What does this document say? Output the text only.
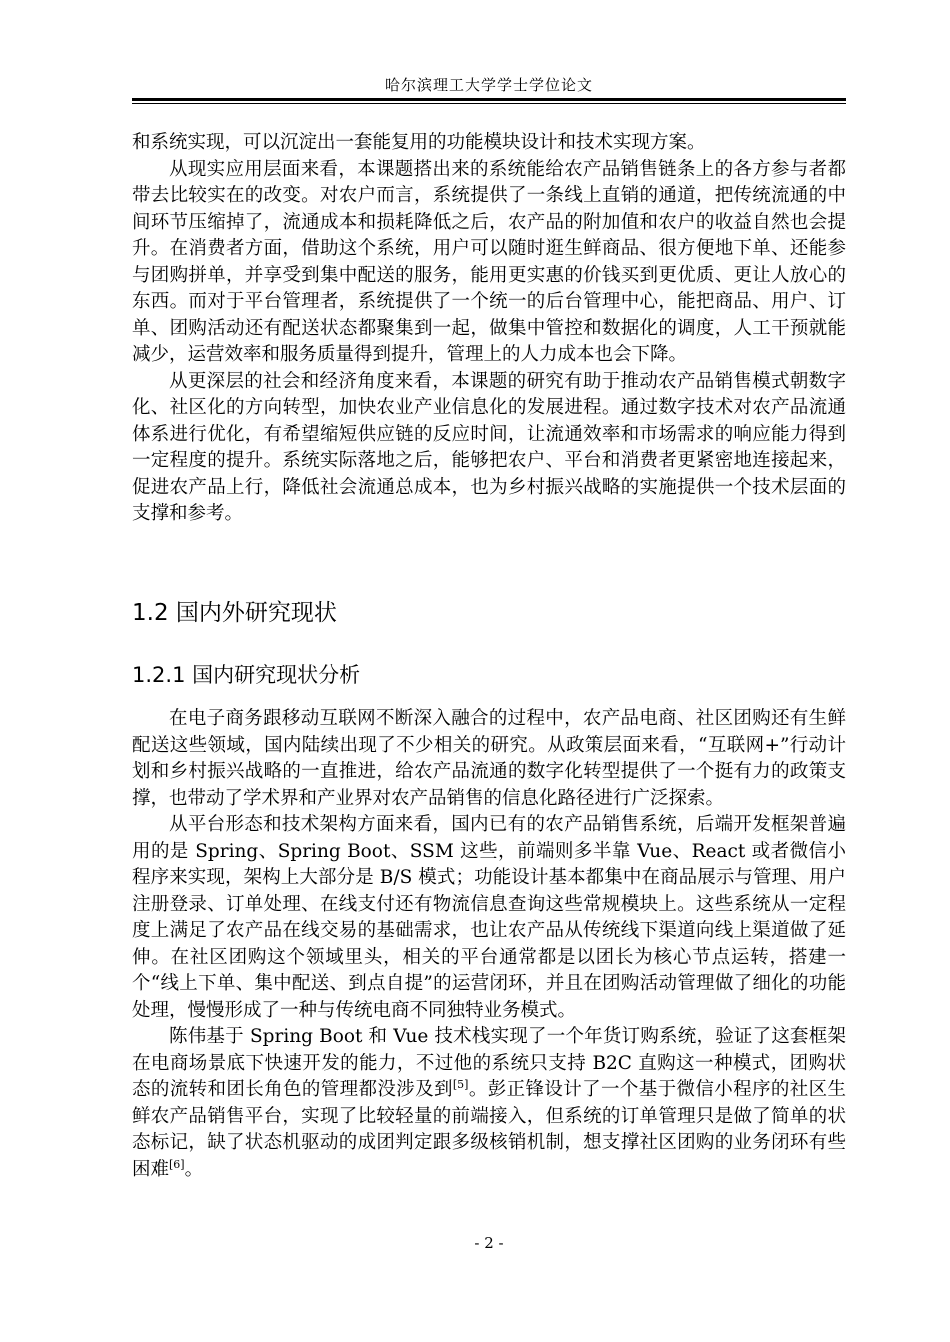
哈尔滨理工大学学士学位论文

和系统实现，可以沉淀出一套能复用的功能模块设计和技术实现方案。

从现实应用层面来看，本课题搭出来的系统能给农产品销售链条上的各方参与者都带去比较实在的改变。对农户而言，系统提供了一条线上直销的通道，把传统流通的中间环节压缩掉了，流通成本和损耗降低之后，农产品的附加值和农户的收益自然也会提升。在消费者方面，借助这个系统，用户可以随时逛生鲜商品、很方便地下单、还能参与团购拼单，并享受到集中配送的服务，能用更实惠的价钱买到更优质、更让人放心的东西。而对于平台管理者，系统提供了一个统一的后台管理中心，能把商品、用户、订单、团购活动还有配送状态都聚集到一起，做集中管控和数据化的调度，人工干预就能减少，运营效率和服务质量得到提升，管理上的人力成本也会下降。

从更深层的社会和经济角度来看，本课题的研究有助于推动农产品销售模式朝数字化、社区化的方向转型，加快农业产业信息化的发展进程。通过数字技术对农产品流通体系进行优化，有希望缩短供应链的反应时间，让流通效率和市场需求的响应能力得到一定程度的提升。系统实际落地之后，能够把农户、平台和消费者更紧密地连接起来，促进农产品上行，降低社会流通总成本，也为乡村振兴战略的实施提供一个技术层面的支撑和参考。

1.2 国内外研究现状
1.2.1 国内研究现状分析

在电子商务跟移动互联网不断深入融合的过程中，农产品电商、社区团购还有生鲜配送这些领域，国内陆续出现了不少相关的研究。从政策层面来看，“互联网+”行动计划和乡村振兴战略的一直推进，给农产品流通的数字化转型提供了一个挺有力的政策支撑，也带动了学术界和产业界对农产品销售的信息化路径进行广泛探索。

从平台形态和技术架构方面来看，国内已有的农产品销售系统，后端开发框架普遍用的是 Spring、Spring Boot、SSM 这些，前端则多半靠 Vue、React 或者微信小程序来实现，架构上大部分是 B/S 模式；功能设计基本都集中在商品展示与管理、用户注册登录、订单处理、在线支付还有物流信息查询这些常规模块上。这些系统从一定程度上满足了农产品在线交易的基础需求，也让农产品从传统线下渠道向线上渠道做了延伸。在社区团购这个领域里头，相关的平台通常都是以团长为核心节点运转，搭建一个“线上下单、集中配送、到点自提”的运营闭环，并且在团购活动管理做了细化的功能处理，慢慢形成了一种与传统电商不同独特业务模式。

陈伟基于 Spring Boot 和 Vue 技术栈实现了一个年货订购系统，验证了这套框架在电商场景底下快速开发的能力，不过他的系统只支持 B2C 直购这一种模式，团购状态的流转和团长角色的管理都没涉及到[5]。彭正锋设计了一个基于微信小程序的社区生鲜农产品销售平台，实现了比较轻量的前端接入，但系统的订单管理只是做了简单的状态标记，缺了状态机驱动的成团判定跟多级核销机制，想支撑社区团购的业务闭环有些困难[6]。

- 2 -
